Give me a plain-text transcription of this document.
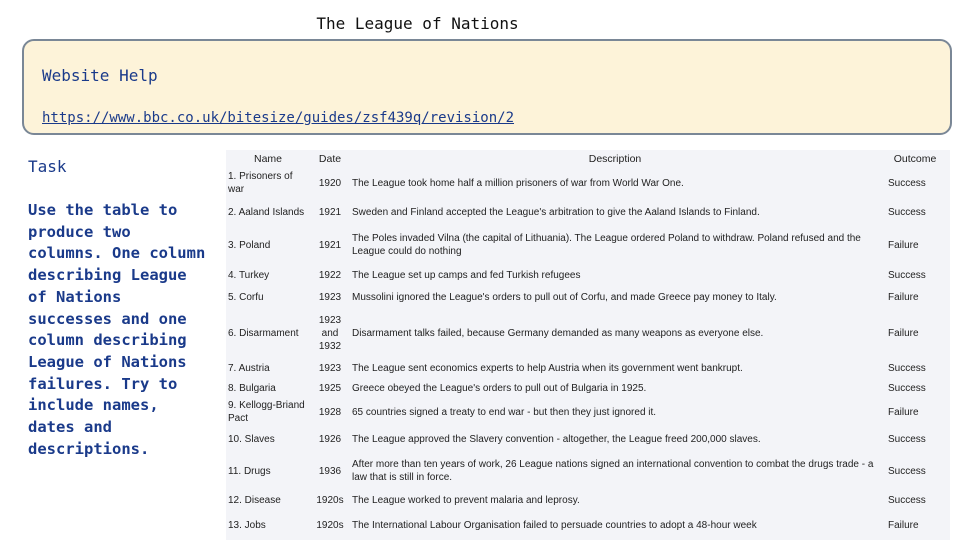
The League of Nations
Website Help
https://www.bbc.co.uk/bitesize/guides/zsf439q/revision/2
Task
Use the table to produce two columns. One column describing League of Nations successes and one column describing League of Nations failures. Try to include names, dates and descriptions.
Name	Date	Description	Outcome
1. Prisoners of war	1920	The League took home half a million prisoners of war from World War One.	Success
2. Aaland Islands	1921	Sweden and Finland accepted the League's arbitration to give the Aaland Islands to Finland.	Success
3. Poland	1921	The Poles invaded Vilna (the capital of Lithuania). The League ordered Poland to withdraw. Poland refused and the League could do nothing	Failure
4. Turkey	1922	The League set up camps and fed Turkish refugees	Success
5. Corfu	1923	Mussolini ignored the League's orders to pull out of Corfu, and made Greece pay money to Italy.	Failure
6. Disarmament	1923 and 1932	Disarmament talks failed, because Germany demanded as many weapons as everyone else.	Failure
7. Austria	1923	The League sent economics experts to help Austria when its government went bankrupt.	Success
8. Bulgaria	1925	Greece obeyed the League's orders to pull out of Bulgaria in 1925.	Success
9. Kellogg-Briand Pact	1928	65 countries signed a treaty to end war - but then they just ignored it.	Failure
10. Slaves	1926	The League approved the Slavery convention - altogether, the League freed 200,000 slaves.	Success
11. Drugs	1936	After more than ten years of work, 26 League nations signed an international convention to combat the drugs trade - a law that is still in force.	Success
12. Disease	1920s	The League worked to prevent malaria and leprosy.	Success
13. Jobs	1920s	The International Labour Organisation failed to persuade countries to adopt a 48-hour week	Failure
